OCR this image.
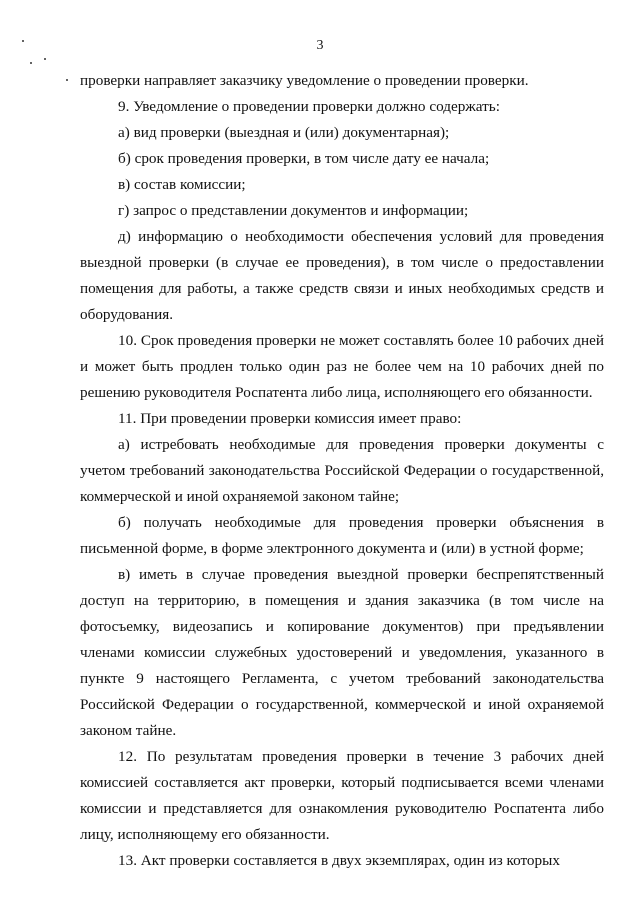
3

проверки направляет заказчику уведомление о проведении проверки.

9. Уведомление о проведении проверки должно содержать:

а) вид проверки (выездная и (или) документарная);

б) срок проведения проверки, в том числе дату ее начала;

в) состав комиссии;

г) запрос о представлении документов и информации;

д) информацию о необходимости обеспечения условий для проведения выездной проверки (в случае ее проведения), в том числе о предоставлении помещения для работы, а также средств связи и иных необходимых средств и оборудования.

10. Срок проведения проверки не может составлять более 10 рабочих дней и может быть продлен только один раз не более чем на 10 рабочих дней по решению руководителя Роспатента либо лица, исполняющего его обязанности.

11. При проведении проверки комиссия имеет право:

а) истребовать необходимые для проведения проверки документы с учетом требований законодательства Российской Федерации о государственной, коммерческой и иной охраняемой законом тайне;

б) получать необходимые для проведения проверки объяснения в письменной форме, в форме электронного документа и (или) в устной форме;

в) иметь в случае проведения выездной проверки беспрепятственный доступ на территорию, в помещения и здания заказчика (в том числе на фотосъемку, видеозапись и копирование документов) при предъявлении членами комиссии служебных удостоверений и уведомления, указанного в пункте 9 настоящего Регламента, с учетом требований законодательства Российской Федерации о государственной, коммерческой и иной охраняемой законом тайне.

12. По результатам проведения проверки в течение 3 рабочих дней комиссией составляется акт проверки, который подписывается всеми членами комиссии и представляется для ознакомления руководителю Роспатента либо лицу, исполняющему его обязанности.

13. Акт проверки составляется в двух экземплярах, один из которых
